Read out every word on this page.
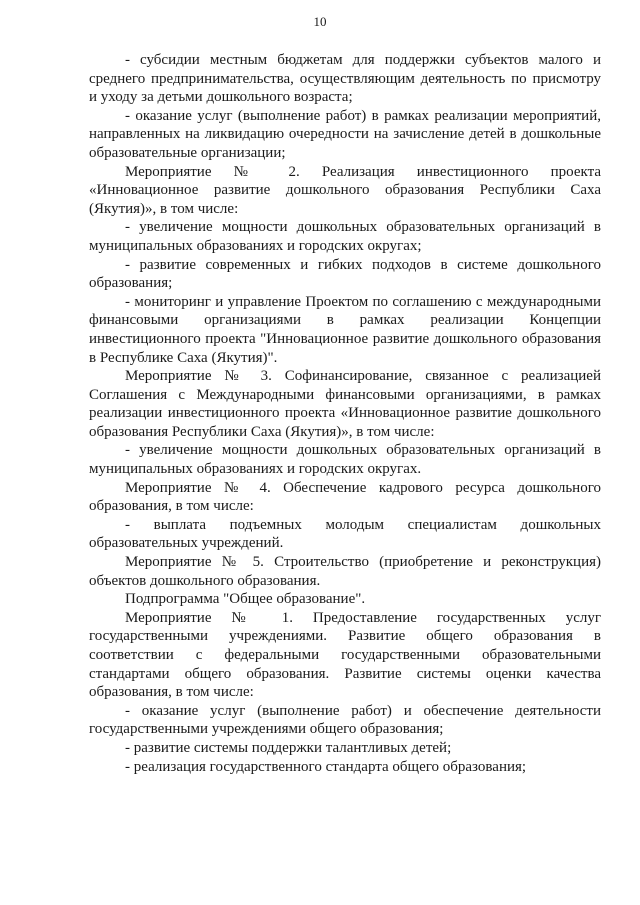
10

- субсидии местным бюджетам для поддержки субъектов малого и среднего предпринимательства, осуществляющим деятельность по присмотру и уходу за детьми дошкольного возраста;

- оказание услуг (выполнение работ) в рамках реализации мероприятий, направленных на ликвидацию очередности на зачисление детей в дошкольные образовательные организации;

Мероприятие № 2. Реализация инвестиционного проекта «Инновационное развитие дошкольного образования Республики Саха (Якутия)», в том числе:

- увеличение мощности дошкольных образовательных организаций в муниципальных образованиях и городских округах;

- развитие современных и гибких подходов в системе дошкольного образования;

- мониторинг и управление Проектом по соглашению с международными финансовыми организациями в рамках реализации Концепции инвестиционного проекта "Инновационное развитие дошкольного образования в Республике Саха (Якутия)".

Мероприятие № 3. Софинансирование, связанное с реализацией Соглашения с Международными финансовыми организациями, в рамках реализации инвестиционного проекта «Инновационное развитие дошкольного образования Республики Саха (Якутия)», в том числе:

- увеличение мощности дошкольных образовательных организаций в муниципальных образованиях и городских округах.

Мероприятие № 4. Обеспечение кадрового ресурса дошкольного образования, в том числе:

- выплата подъемных молодым специалистам дошкольных образовательных учреждений.

Мероприятие № 5. Строительство (приобретение и реконструкция) объектов дошкольного образования.

Подпрограмма "Общее образование".

Мероприятие № 1. Предоставление государственных услуг государственными учреждениями. Развитие общего образования в соответствии с федеральными государственными образовательными стандартами общего образования. Развитие системы оценки качества образования, в том числе:

- оказание услуг (выполнение работ) и обеспечение деятельности государственными учреждениями общего образования;

- развитие системы поддержки талантливых детей;

- реализация государственного стандарта общего образования;
